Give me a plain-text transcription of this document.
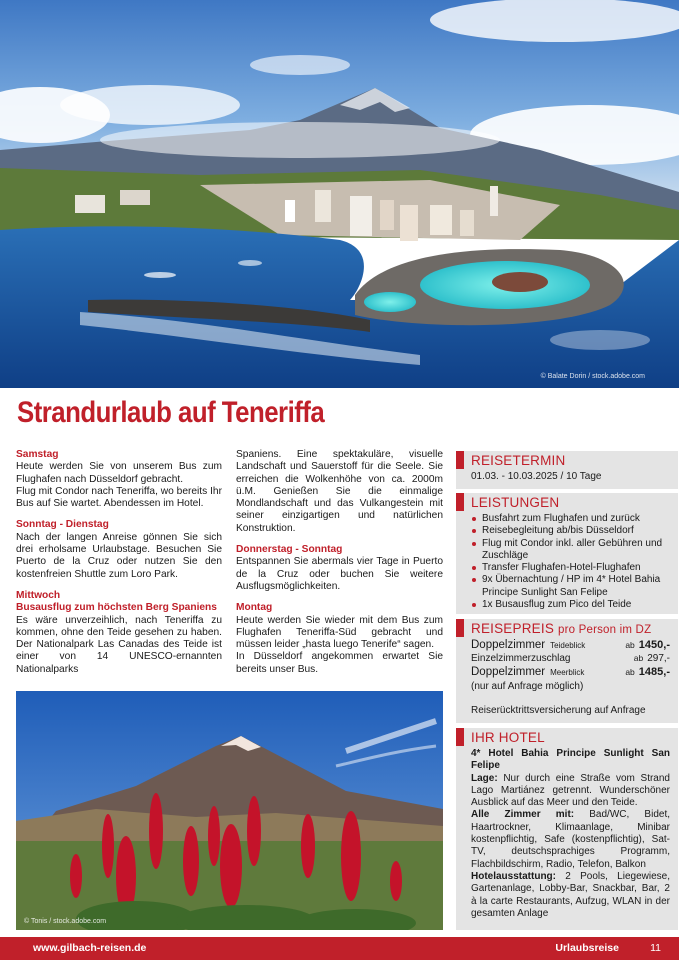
© Balate Dorin / stock.adobe.com
Strandurlaub auf Teneriffa
Samstag
Heute werden Sie von unserem Bus zum Flughafen nach Düsseldorf gebracht.
Flug mit Condor nach Teneriffa, wo bereits Ihr Bus auf Sie wartet. Abendessen im Hotel.
Sonntag - Dienstag
Nach der langen Anreise gönnen Sie sich drei erholsame Urlaubstage. Besuchen Sie Puerto de la Cruz oder nutzen Sie den kostenfreien Shuttle zum Loro Park.
Mittwoch
Busausflug zum höchsten Berg Spaniens
Es wäre unverzeihlich, nach Teneriffa zu kommen, ohne den Teide gesehen zu haben. Der Nationalpark Las Canadas des Teide ist einer von 14 UNESCO-ernannten Nationalparks
Spaniens. Eine spektakuläre, visuelle Landschaft und Sauerstoff für die Seele. Sie erreichen die Wolkenhöhe von ca. 2000m ü.M. Genießen Sie die einmalige Mondlandschaft und das Vulkangestein mit seiner einzigartigen und natürlichen Konstruktion.
Donnerstag - Sonntag
Entspannen Sie abermals vier Tage in Puerto de la Cruz oder buchen Sie weitere Ausflugsmöglichkeiten.
Montag
Heute werden Sie wieder mit dem Bus zum Flughafen Teneriffa-Süd gebracht und müssen leider „hasta luego Tenerife“ sagen.
In Düsseldorf angekommen erwartet Sie bereits unser Bus.
REISETERMIN
01.03. - 10.03.2025 / 10 Tage
LEISTUNGEN
Busfahrt zum Flughafen und zurück
Reisebegleitung ab/bis Düsseldorf
Flug mit Condor inkl. aller Gebühren und Zuschläge
Transfer Flughafen-Hotel-Flughafen
9x Übernachtung / HP im 4* Hotel Bahia Principe Sunlight San Felipe
1x Busausflug zum Pico del Teide
REISEPREIS pro Person im DZ
Doppelzimmer Teideblick	ab 1450,-
Einzelzimmerzuschlag	ab 297,-
Doppelzimmer Meerblick	ab 1485,-
(nur auf Anfrage möglich)
Reiserücktrittsversicherung auf Anfrage
IHR HOTEL
4* Hotel Bahia Principe Sunlight San Felipe
Lage: Nur durch eine Straße vom Strand Lago Martiánez getrennt. Wunderschöner Ausblick auf das Meer und den Teide.
Alle Zimmer mit: Bad/WC, Bidet, Haartrockner, Klimaanlage, Minibar kostenpflichtig, Safe (kostenpflichtig), Sat-TV, deutschsprachiges Programm, Flachbildschirm, Radio, Telefon, Balkon
Hotelausstattung: 2 Pools, Liegewiese, Gartenanlage, Lobby-Bar, Snackbar, Bar, 2 à la carte Restaurants, Aufzug, WLAN in der gesamten Anlage
© Tonis / stock.adobe.com
www.gilbach-reisen.de	Urlaubsreise	11
